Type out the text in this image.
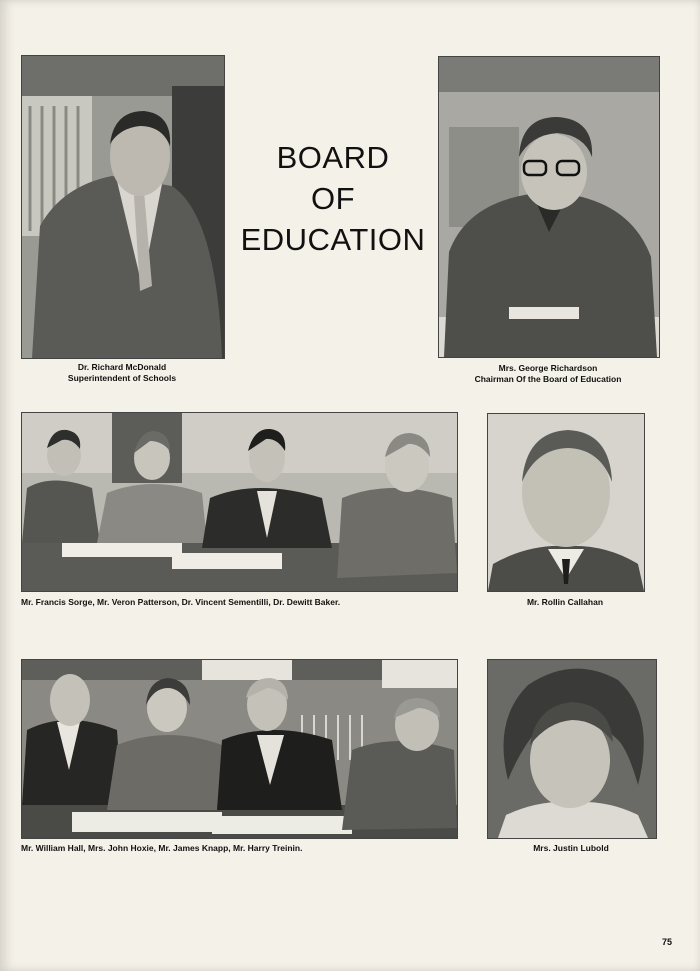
BOARD
OF
EDUCATION
Dr. Richard McDonald
Superintendent of Schools
Mrs. George Richardson
Chairman Of the Board of Education
Mr. Francis Sorge, Mr. Veron Patterson, Dr. Vincent Sementilli, Dr. Dewitt Baker.	Mr. Rollin Callahan
Mr. William Hall, Mrs. John Hoxie, Mr. James Knapp, Mr. Harry Treinin.	Mrs. Justin Lubold
75
